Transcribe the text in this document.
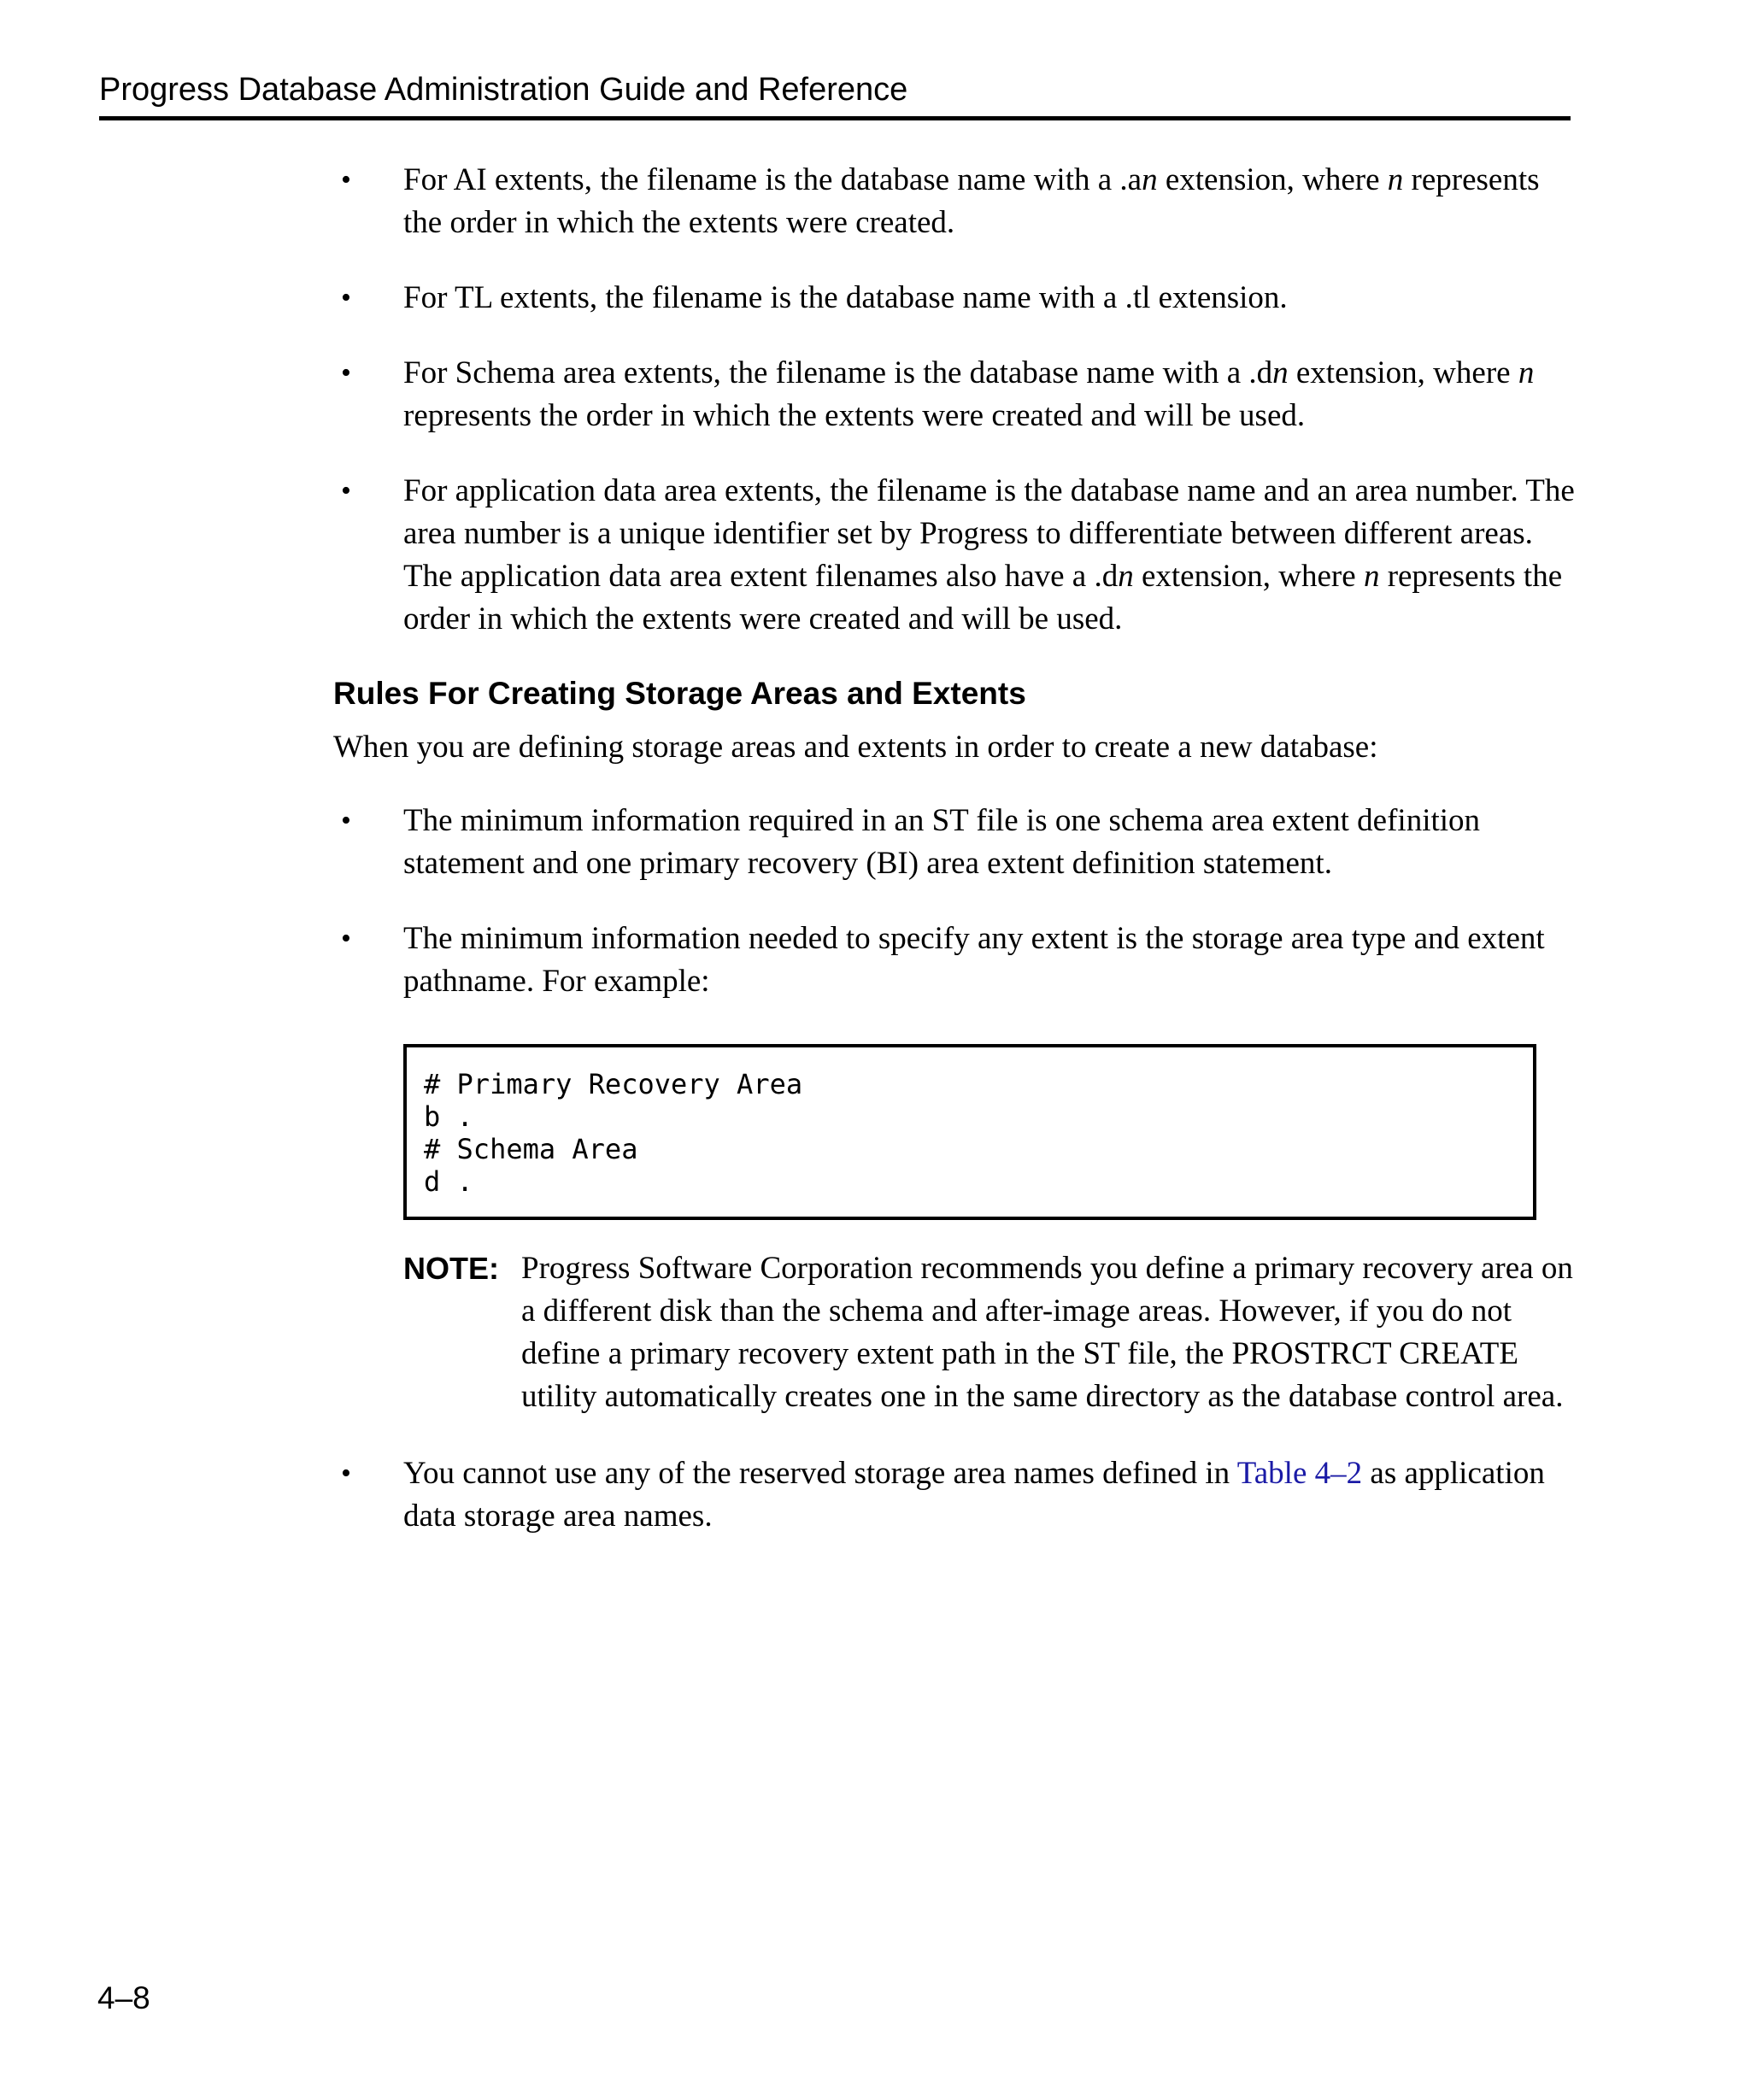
Progress Database Administration Guide and Reference
• For AI extents, the filename is the database name with a .an extension, where n represents the order in which the extents were created.
• For TL extents, the filename is the database name with a .tl extension.
• For Schema area extents, the filename is the database name with a .dn extension, where n represents the order in which the extents were created and will be used.
• For application data area extents, the filename is the database name and an area number. The area number is a unique identifier set by Progress to differentiate between different areas. The application data area extent filenames also have a .dn extension, where n represents the order in which the extents were created and will be used.
Rules For Creating Storage Areas and Extents

When you are defining storage areas and extents in order to create a new database:

• The minimum information required in an ST file is one schema area extent definition statement and one primary recovery (BI) area extent definition statement.
• The minimum information needed to specify any extent is the storage area type and extent pathname. For example:
# Primary Recovery Area
b .
# Schema Area
d .
NOTE: Progress Software Corporation recommends you define a primary recovery area on a different disk than the schema and after-image areas. However, if you do not define a primary recovery extent path in the ST file, the PROSTRCT CREATE utility automatically creates one in the same directory as the database control area.
• You cannot use any of the reserved storage area names defined in Table 4–2 as application data storage area names.
4–8
